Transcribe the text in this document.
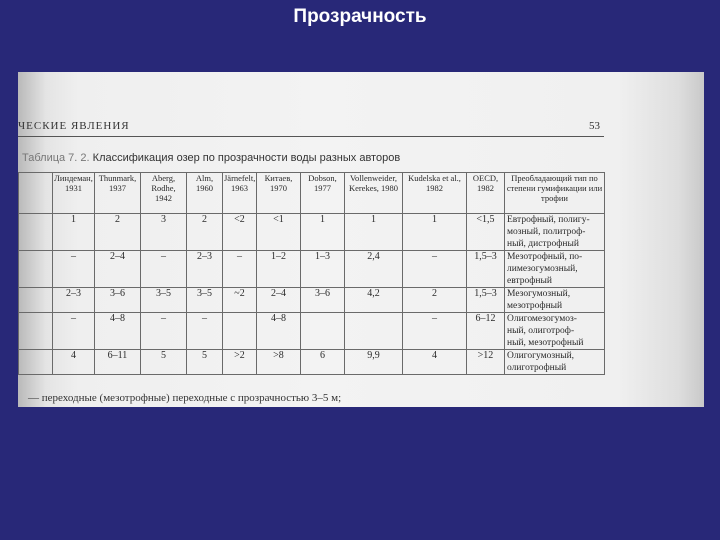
Прозрачность
ЧЕСКИЕ ЯВЛЕНИЯ	53
Таблица 7. 2. Классификация озер по прозрачности воды разных авторов
	Линдеман, 1931	Thunmark, 1937	Aberg, Rodhe, 1942	Alm, 1960	Järnefelt, 1963	Китаев, 1970	Dobson, 1977	Vollenweider, Kerekes, 1980	Kudelska et al., 1982	OECD, 1982	Преобладающий тип по степени гумификации или трофии
	1	2	3	2	<2	<1	1	1	1	<1,5	Евтрофный, полигу-
мозный, политроф-
ный, дистрофный

	–	2–4	–	2–3	–	1–2	1–3	2,4	–	1,5–3	Мезотрофный, по-
лимезогумозный,
евтрофный

	2–3	3–6	3–5	3–5	~2	2–4	3–6	4,2	2	1,5–3	Мезогумозный,
мезотрофный

	–	4–8	–	–		4–8			–	6–12	Олигомезогумоз-
ный, олиготроф-
ный, мезотрофный

	4	6–11	5	5	>2	>8	6	9,9	4	>12	Олигогумозный,
олиготрофный
— переходные (мезотрофные) переходные с прозрачностью 3–5 м;
